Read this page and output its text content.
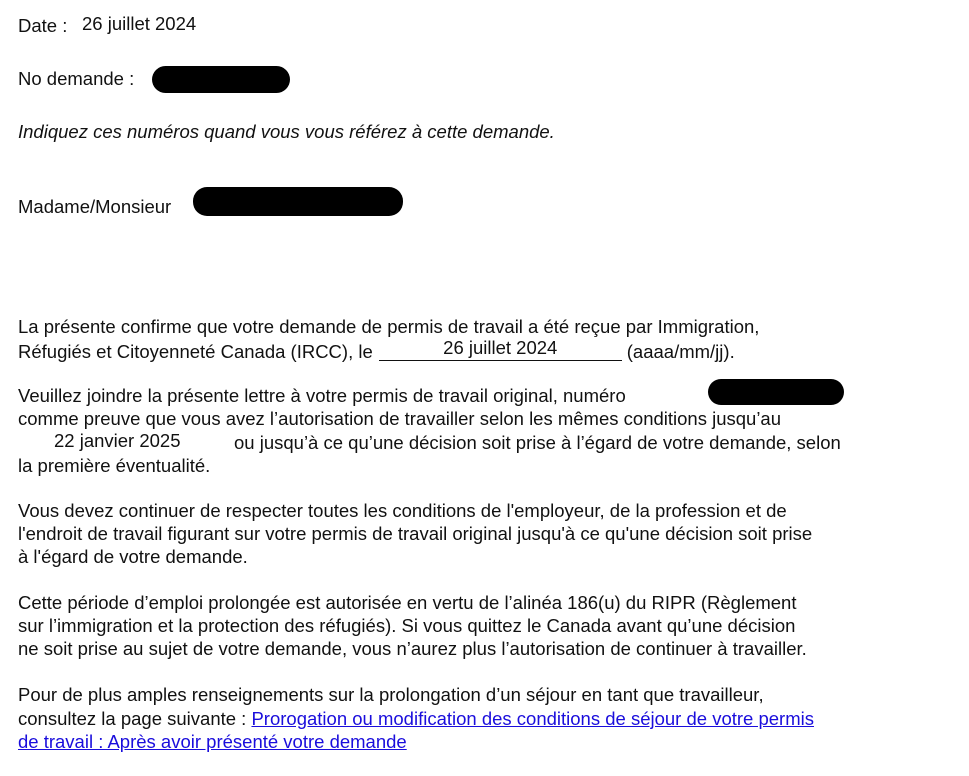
Date : 26 juillet 2024
No demande :
Indiquez ces numéros quand vous vous référez à cette demande.
Madame/Monsieur
La présente confirme que votre demande de permis de travail a été reçue par Immigration,
Réfugiés et Citoyenneté Canada (IRCC), le	26 juillet 2024	(aaaa/mm/jj).
Veuillez joindre la présente lettre à votre permis de travail original, numéro
comme preuve que vous avez l’autorisation de travailler selon les mêmes conditions jusqu’au
22 janvier 2025	ou jusqu’à ce qu’une décision soit prise à l’égard de votre demande, selon
la première éventualité.
Vous devez continuer de respecter toutes les conditions de l'employeur, de la profession et de
l'endroit de travail figurant sur votre permis de travail original jusqu'à ce qu'une décision soit prise
à l'égard de votre demande.
Cette période d’emploi prolongée est autorisée en vertu de l’alinéa 186(u) du RIPR (Règlement
sur l’immigration et la protection des réfugiés). Si vous quittez le Canada avant qu’une décision
ne soit prise au sujet de votre demande, vous n’aurez plus l’autorisation de continuer à travailler.
Pour de plus amples renseignements sur la prolongation d’un séjour en tant que travailleur,
consultez la page suivante : Prorogation ou modification des conditions de séjour de votre permis
de travail : Après avoir présenté votre demande
